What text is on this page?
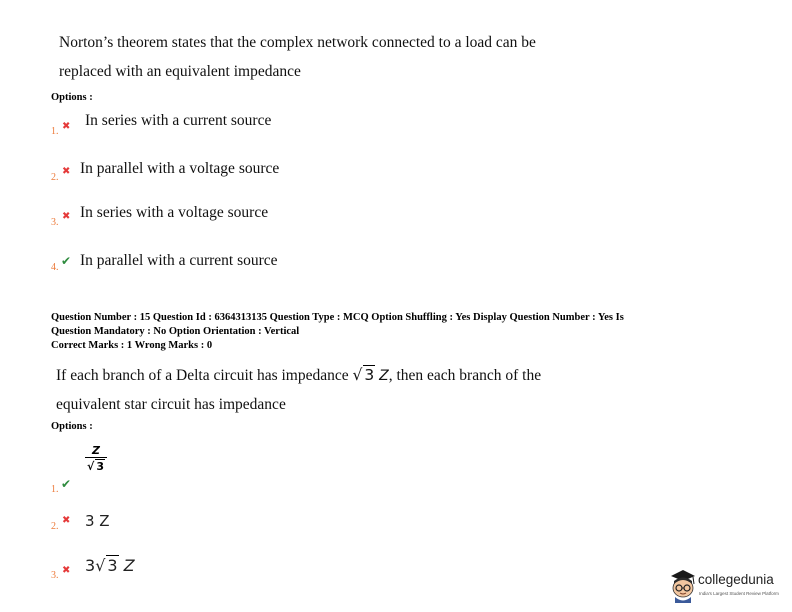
Norton’s theorem states that the complex network connected to a load can be
replaced with an equivalent impedance
Options :
1. ✖ In series with a current source
2.
✖ In parallel with a voltage source
3.
✖ In series with a voltage source
4. ✔ In parallel with a current source
Question Number : 15 Question Id : 6364313135 Question Type : MCQ Option Shuffling : Yes Display Question Number : Yes Is
Question Mandatory : No Option Orientation : Vertical
Correct Marks : 1 Wrong Marks : 0
If each branch of a Delta circuit has impedance √ 3 Z, then each branch of the
equivalent star circuit has impedance
Options :
$\frac{Z}{√ 3}$
1. ✔
2.
✖ 3 Z
3. ✖ 3√ 3 Z
collegedunia
India's Largest Student Review Platform
